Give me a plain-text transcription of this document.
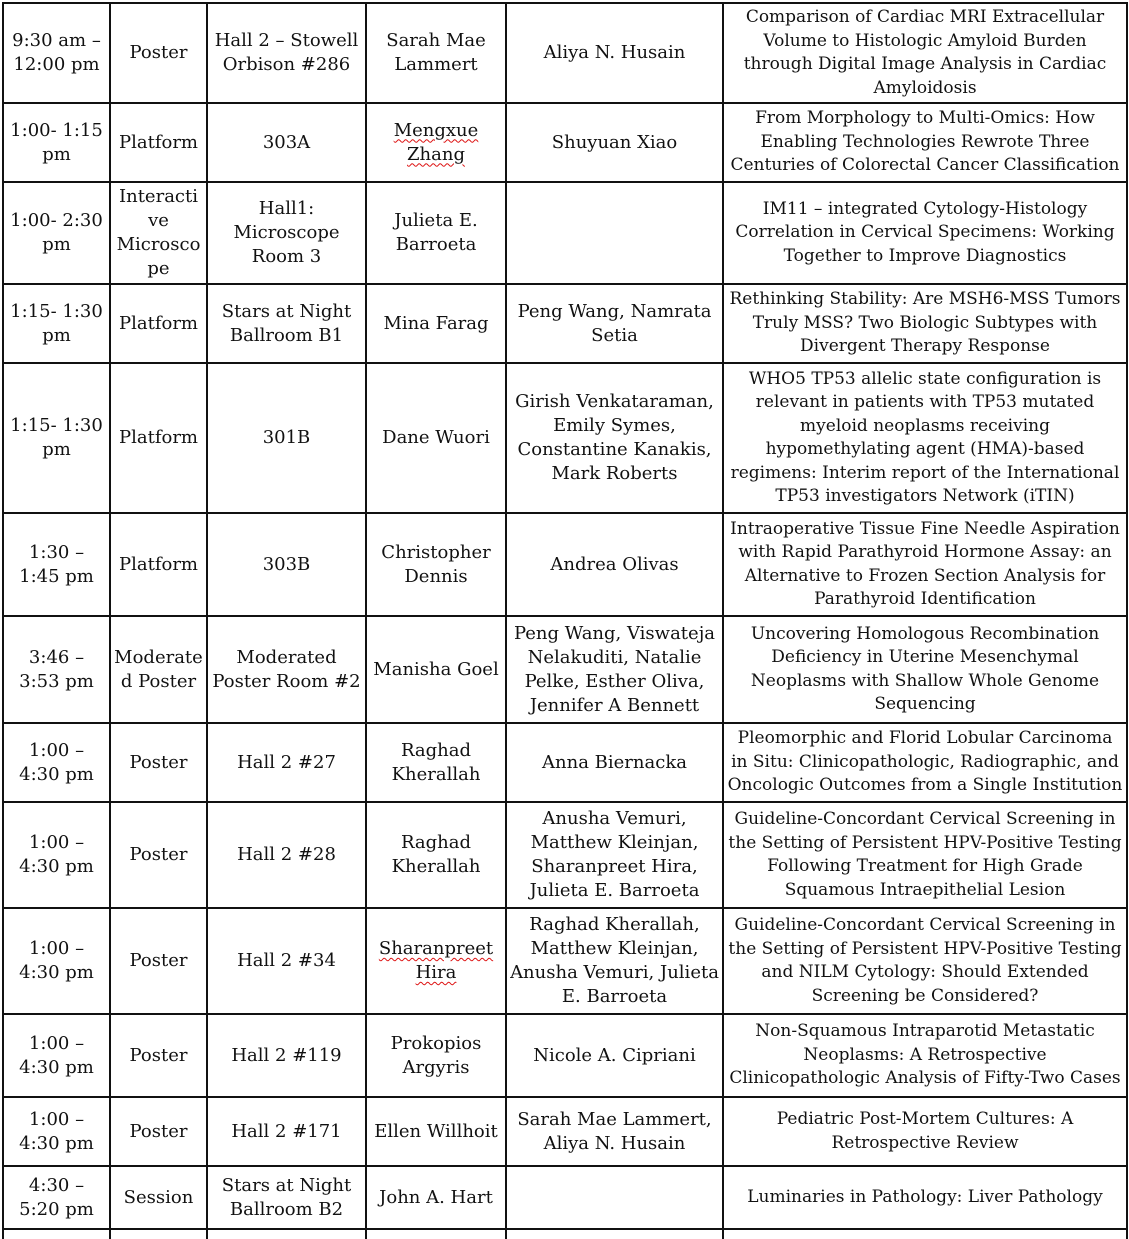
9:30 am – 12:00 pm	Poster	Hall 2 – Stowell Orbison #286	Sarah Mae Lammert	Aliya N. Husain	Comparison of Cardiac MRI Extracellular Volume to Histologic Amyloid Burden through Digital Image Analysis in Cardiac Amyloidosis
1:00- 1:15 pm	Platform	303A	Mengxue Zhang	Shuyuan Xiao	From Morphology to Multi-Omics: How Enabling Technologies Rewrote Three Centuries of Colorectal Cancer Classification
1:00- 2:30 pm	Interactive Microscope	Hall1: Microscope Room 3	Julieta E. Barroeta		IM11 – integrated Cytology-Histology Correlation in Cervical Specimens: Working Together to Improve Diagnostics
1:15- 1:30 pm	Platform	Stars at Night Ballroom B1	Mina Farag	Peng Wang, Namrata Setia	Rethinking Stability: Are MSH6-MSS Tumors Truly MSS? Two Biologic Subtypes with Divergent Therapy Response
1:15- 1:30 pm	Platform	301B	Dane Wuori	Girish Venkataraman, Emily Symes, Constantine Kanakis, Mark Roberts	WHO5 TP53 allelic state configuration is relevant in patients with TP53 mutated myeloid neoplasms receiving hypomethylating agent (HMA)-based regimens: Interim report of the International TP53 investigators Network (iTIN)
1:30 – 1:45 pm	Platform	303B	Christopher Dennis	Andrea Olivas	Intraoperative Tissue Fine Needle Aspiration with Rapid Parathyroid Hormone Assay: an Alternative to Frozen Section Analysis for Parathyroid Identification
3:46 – 3:53 pm	Moderated Poster	Moderated Poster Room #2	Manisha Goel	Peng Wang, Viswateja Nelakuditi, Natalie Pelke, Esther Oliva, Jennifer A Bennett	Uncovering Homologous Recombination Deficiency in Uterine Mesenchymal Neoplasms with Shallow Whole Genome Sequencing
1:00 – 4:30 pm	Poster	Hall 2 #27	Raghad Kherallah	Anna Biernacka	Pleomorphic and Florid Lobular Carcinoma in Situ: Clinicopathologic, Radiographic, and Oncologic Outcomes from a Single Institution
1:00 – 4:30 pm	Poster	Hall 2 #28	Raghad Kherallah	Anusha Vemuri, Matthew Kleinjan, Sharanpreet Hira, Julieta E. Barroeta	Guideline-Concordant Cervical Screening in the Setting of Persistent HPV-Positive Testing Following Treatment for High Grade Squamous Intraepithelial Lesion
1:00 – 4:30 pm	Poster	Hall 2 #34	Sharanpreet Hira	Raghad Kherallah, Matthew Kleinjan, Anusha Vemuri, Julieta E. Barroeta	Guideline-Concordant Cervical Screening in the Setting of Persistent HPV-Positive Testing and NILM Cytology: Should Extended Screening be Considered?
1:00 – 4:30 pm	Poster	Hall 2 #119	Prokopios Argyris	Nicole A. Cipriani	Non-Squamous Intraparotid Metastatic Neoplasms: A Retrospective Clinicopathologic Analysis of Fifty-Two Cases
1:00 – 4:30 pm	Poster	Hall 2 #171	Ellen Willhoit	Sarah Mae Lammert, Aliya N. Husain	Pediatric Post-Mortem Cultures: A Retrospective Review
4:30 – 5:20 pm	Session	Stars at Night Ballroom B2	John A. Hart		Luminaries in Pathology: Liver Pathology
